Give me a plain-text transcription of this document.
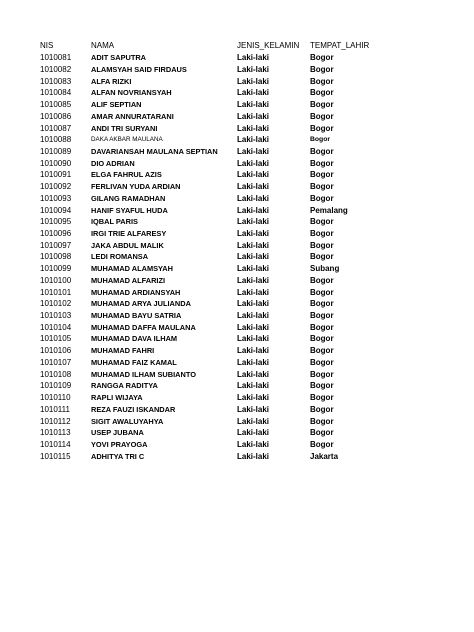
NIS	NAMA	JENIS_KELAMIN	TEMPAT_LAHIR
1010081	ADIT SAPUTRA	Laki-laki	Bogor
1010082	ALAMSYAH SAID FIRDAUS	Laki-laki	Bogor
1010083	ALFA RIZKI	Laki-laki	Bogor
1010084	ALFAN NOVRIANSYAH	Laki-laki	Bogor
1010085	ALIF SEPTIAN	Laki-laki	Bogor
1010086	AMAR ANNURATARANI	Laki-laki	Bogor
1010087	ANDI TRI SURYANI	Laki-laki	Bogor
1010088	DAKA AKBAR MAULANA	Laki-laki	Bogor
1010089	DAVARIANSAH MAULANA SEPTIAN	Laki-laki	Bogor
1010090	DIO ADRIAN	Laki-laki	Bogor
1010091	ELGA FAHRUL AZIS	Laki-laki	Bogor
1010092	FERLIVAN YUDA ARDIAN	Laki-laki	Bogor
1010093	GILANG RAMADHAN	Laki-laki	Bogor
1010094	HANIF SYAFUL HUDA	Laki-laki	Pemalang
1010095	IQBAL PARIS	Laki-laki	Bogor
1010096	IRGI TRIE ALFARESY	Laki-laki	Bogor
1010097	JAKA ABDUL MALIK	Laki-laki	Bogor
1010098	LEDI ROMANSA	Laki-laki	Bogor
1010099	MUHAMAD ALAMSYAH	Laki-laki	Subang
1010100	MUHAMAD ALFARIZI	Laki-laki	Bogor
1010101	MUHAMAD ARDIANSYAH	Laki-laki	Bogor
1010102	MUHAMAD ARYA JULIANDA	Laki-laki	Bogor
1010103	MUHAMAD BAYU SATRIA	Laki-laki	Bogor
1010104	MUHAMAD DAFFA MAULANA	Laki-laki	Bogor
1010105	MUHAMAD DAVA ILHAM	Laki-laki	Bogor
1010106	MUHAMAD FAHRI	Laki-laki	Bogor
1010107	MUHAMAD FAIZ KAMAL	Laki-laki	Bogor
1010108	MUHAMAD ILHAM SUBIANTO	Laki-laki	Bogor
1010109	RANGGA RADITYA	Laki-laki	Bogor
1010110	RAPLI WIJAYA	Laki-laki	Bogor
1010111	REZA FAUZI ISKANDAR	Laki-laki	Bogor
1010112	SIGIT AWALUYAHYA	Laki-laki	Bogor
1010113	USEP JUBANA	Laki-laki	Bogor
1010114	YOVI PRAYOGA	Laki-laki	Bogor
1010115	ADHITYA TRI C	Laki-laki	Jakarta
